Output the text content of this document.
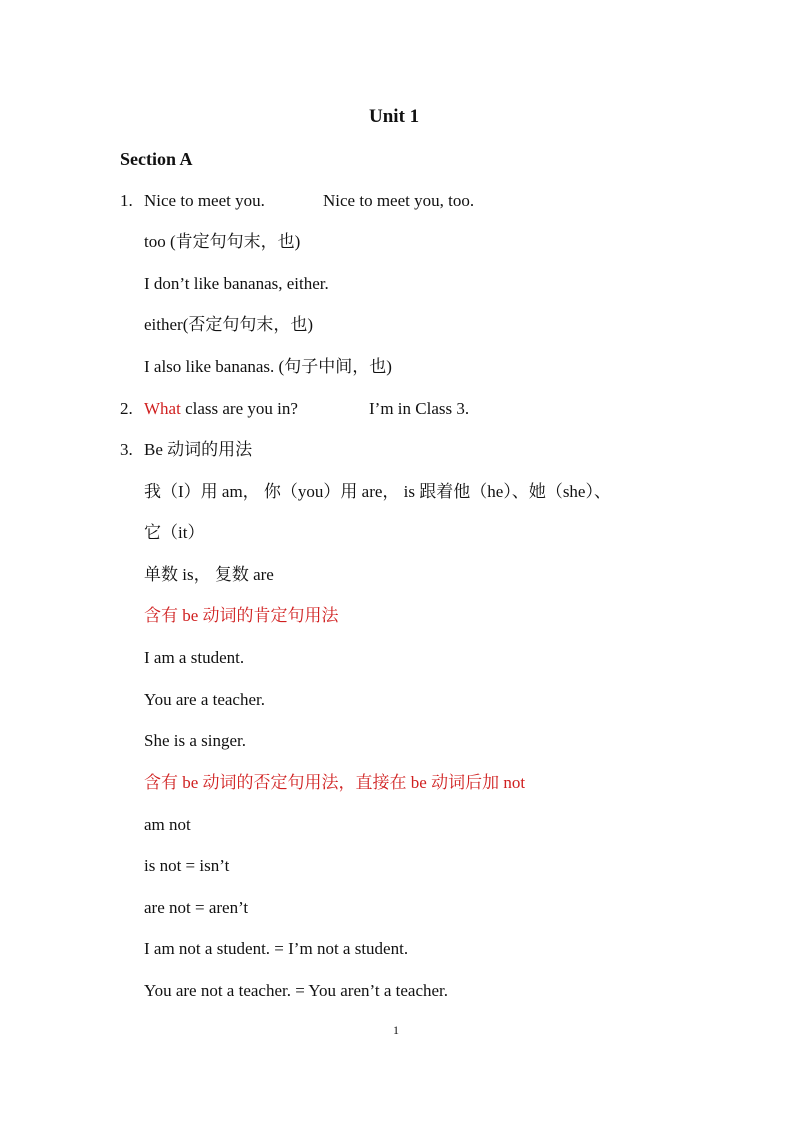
Unit 1
Section A
1. Nice to meet you.	Nice to meet you, too.
too (肯定句句末，也)
I don’t like bananas, either.
either(否定句句末，也)
I also like bananas. (句子中间，也)
2. What class are you in?	I’m in Class 3.
3. Be 动词的用法
我（I）用 am， 你（you）用 are， is 跟着他（he）、她（she）、
它（it）
单数 is， 复数 are
含有 be 动词的肯定句用法
I am a student.
You are a teacher.
She is a singer.
含有 be 动词的否定句用法，直接在 be 动词后加 not
am not
is not = isn’t
are not = aren’t
I am not a student. = I’m not a student.
You are not a teacher. = You aren’t a teacher.
1
